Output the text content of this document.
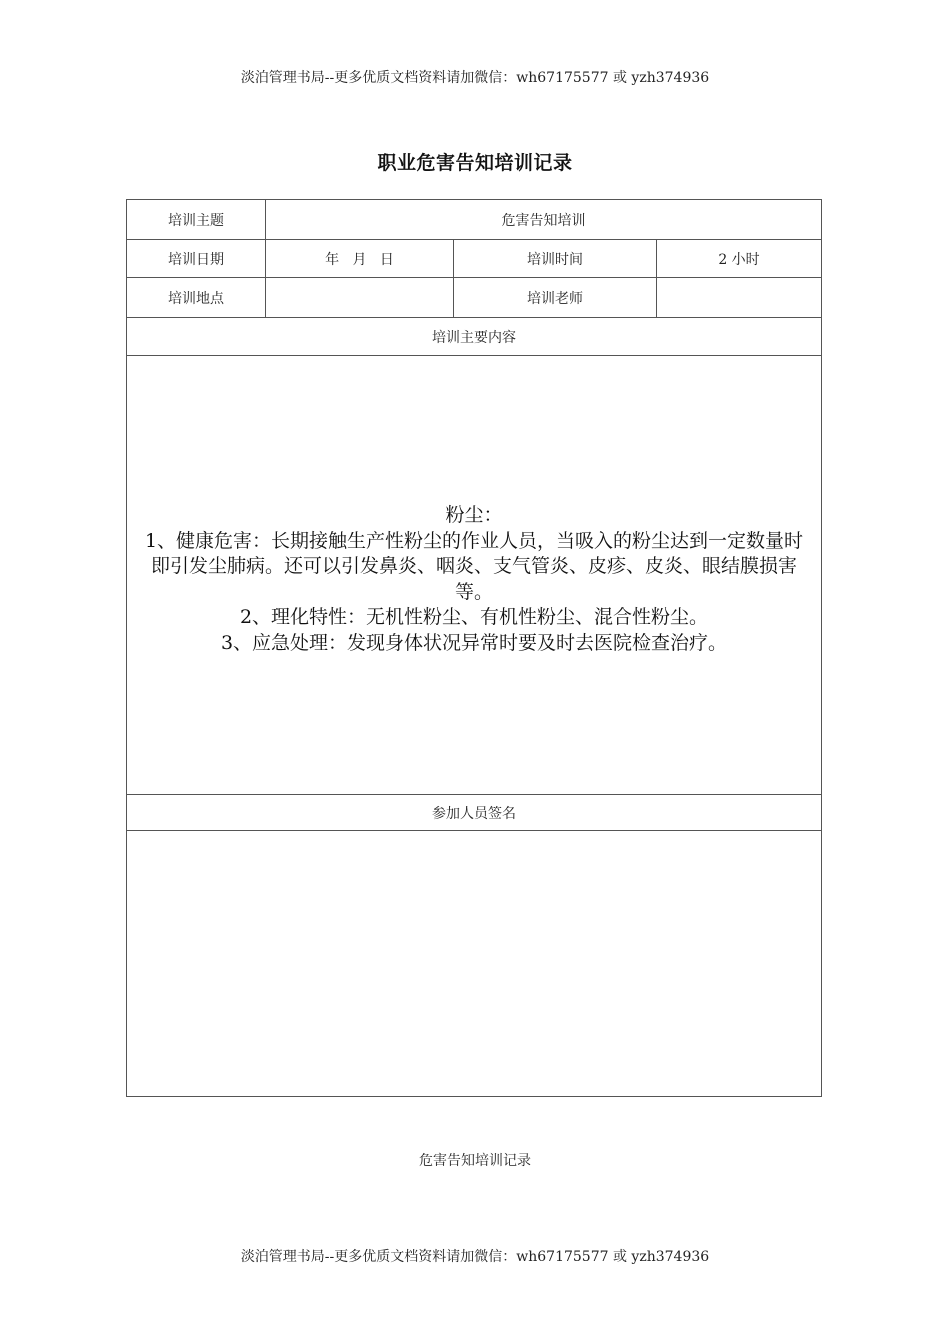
淡泊管理书局--更多优质文档资料请加微信：wh67175577 或 yzh374936
职业危害告知培训记录
培训主题	危害告知培训		
培训日期	年   月   日	培训时间	2 小时
培训地点		培训老师	
培训主要内容			

粉尘：
1、健康危害：长期接触生产性粉尘的作业人员，当吸入的粉尘达到一定数量时即引发尘肺病。还可以引发鼻炎、咽炎、支气管炎、皮疹、皮炎、眼结膜损害等。
2、理化特性：无机性粉尘、有机性粉尘、混合性粉尘。
3、应急处理：发现身体状况异常时要及时去医院检查治疗。			

参加人员签名			

危害告知培训记录
淡泊管理书局--更多优质文档资料请加微信：wh67175577 或 yzh374936
